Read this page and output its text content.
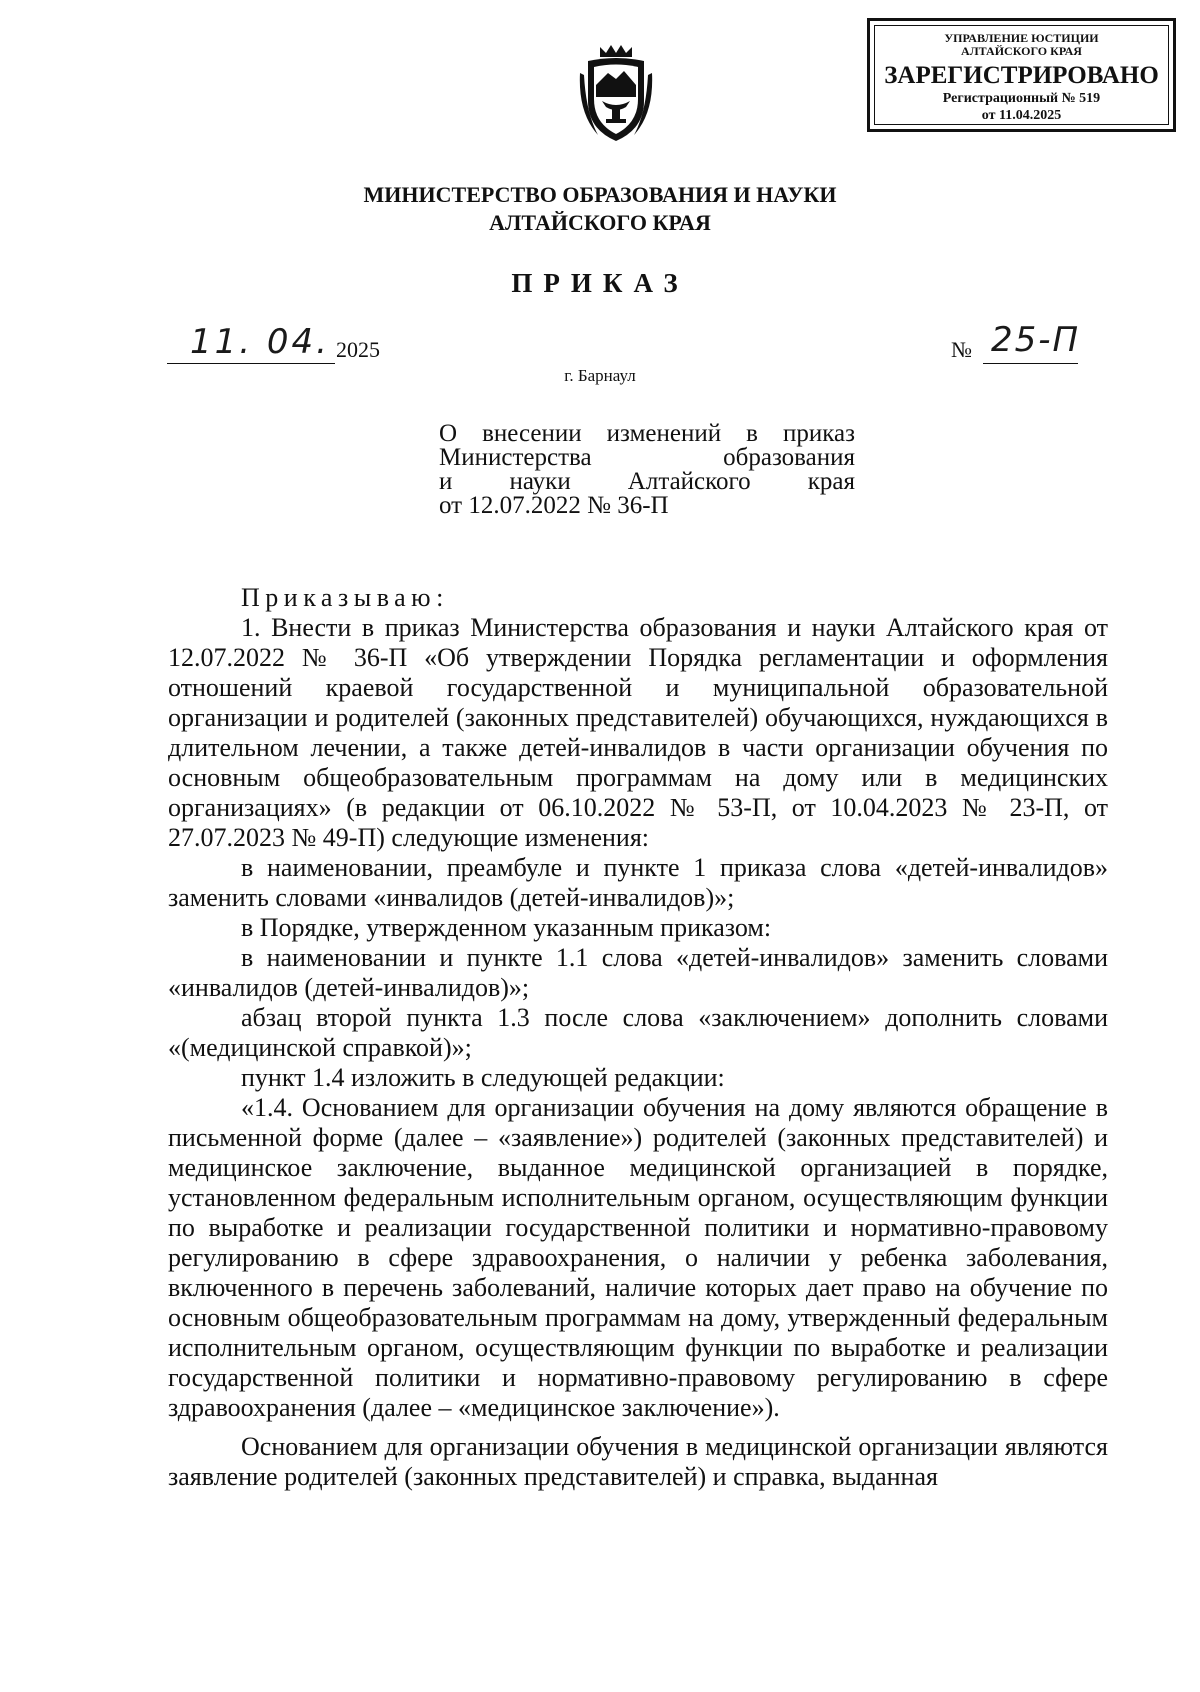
УПРАВЛЕНИЕ ЮСТИЦИИ
АЛТАЙСКОГО КРАЯ
ЗАРЕГИСТРИРОВАНО
Регистрационный № 519
от 11.04.2025
МИНИСТЕРСТВО ОБРАЗОВАНИЯ И НАУКИ
АЛТАЙСКОГО КРАЯ
ПРИКАЗ
11. 04. 2025	№ 25-П
г. Барнаул
О внесении изменений в приказ
Министерства образования
и науки Алтайского края
от 12.07.2022 № 36-П

Приказываю:

1. Внести в приказ Министерства образования и науки Алтайского края от 12.07.2022 № 36-П «Об утверждении Порядка регламентации и оформления отношений краевой государственной и муниципальной образовательной организации и родителей (законных представителей) обучающихся, нуждающихся в длительном лечении, а также детей-инвалидов в части организации обучения по основным общеобразовательным программам на дому или в медицинских организациях» (в редакции от 06.10.2022 № 53-П, от 10.04.2023 № 23-П, от 27.07.2023 № 49-П) следующие изменения:

в наименовании, преамбуле и пункте 1 приказа слова «детей-инвалидов» заменить словами «инвалидов (детей-инвалидов)»;

в Порядке, утвержденном указанным приказом:

в наименовании и пункте 1.1 слова «детей-инвалидов» заменить словами «инвалидов (детей-инвалидов)»;

абзац второй пункта 1.3 после слова «заключением» дополнить словами «(медицинской справкой)»;

пункт 1.4 изложить в следующей редакции:

«1.4. Основанием для организации обучения на дому являются обращение в письменной форме (далее – «заявление») родителей (законных представителей) и медицинское заключение, выданное медицинской организацией в порядке, установленном федеральным исполнительным органом, осуществляющим функции по выработке и реализации государственной политики и нормативно-правовому регулированию в сфере здравоохранения, о наличии у ребенка заболевания, включенного в перечень заболеваний, наличие которых дает право на обучение по основным общеобразовательным программам на дому, утвержденный федеральным исполнительным органом, осуществляющим функции по выработке и реализации государственной политики и нормативно-правовому регулированию в сфере здравоохранения (далее – «медицинское заключение»).

Основанием для организации обучения в медицинской организации являются заявление родителей (законных представителей) и справка, выданная
